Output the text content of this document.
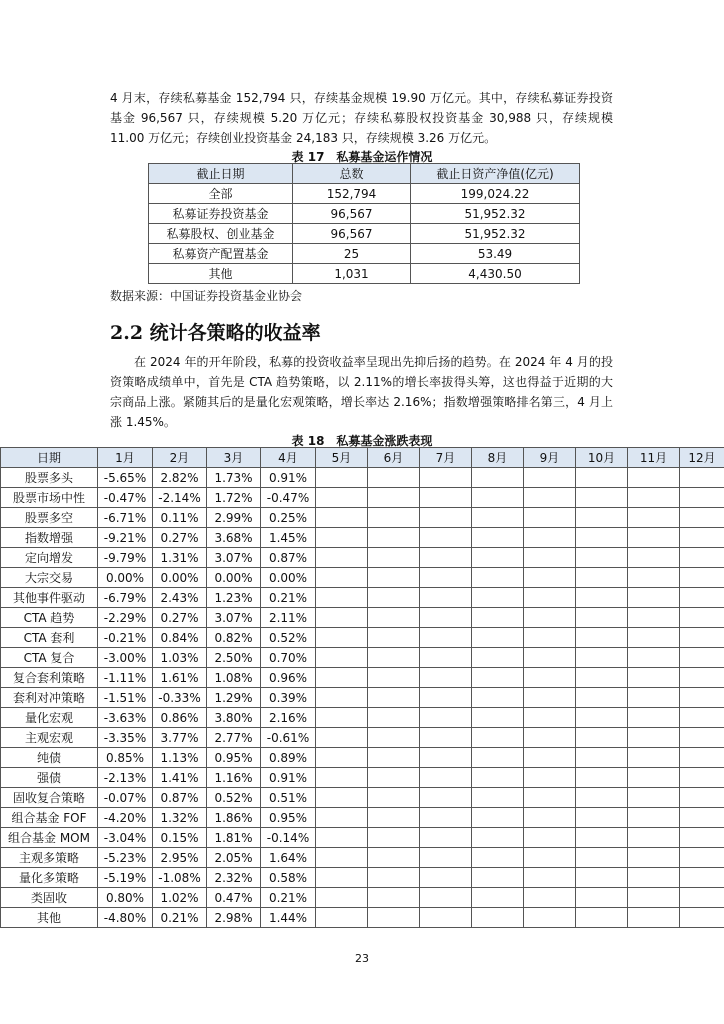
4 月末，存续私募基金 152,794 只，存续基金规模 19.90 万亿元。其中，存续私募证券投资基金 96,567 只，存续规模 5.20 万亿元；存续私募股权投资基金 30,988 只，存续规模 11.00 万亿元；存续创业投资基金 24,183 只，存续规模 3.26 万亿元。

表 17　私募基金运作情况

截止日期	总数	截止日资产净值(亿元)
全部	152,794	199,024.22
私募证券投资基金	96,567	51,952.32
私募股权、创业基金	96,567	51,952.32
私募资产配置基金	25	53.49
其他	1,031	4,430.50

数据来源：中国证券投资基金业协会

2.2 统计各策略的收益率

在 2024 年的开年阶段，私募的投资收益率呈现出先抑后扬的趋势。在 2024 年 4 月的投资策略成绩单中，首先是 CTA 趋势策略，以 2.11%的增长率拔得头筹，这也得益于近期的大宗商品上涨。紧随其后的是量化宏观策略，增长率达 2.16%；指数增强策略排名第三，4 月上涨 1.45%。

表 18　私募基金涨跌表现

日期	1月	2月	3月	4月	5月	6月	7月	8月	9月	10月	11月	12月
股票多头	-5.65%	2.82%	1.73%	0.91%								
股票市场中性	-0.47%	-2.14%	1.72%	-0.47%								
股票多空	-6.71%	0.11%	2.99%	0.25%								
指数增强	-9.21%	0.27%	3.68%	1.45%								
定向增发	-9.79%	1.31%	3.07%	0.87%								
大宗交易	0.00%	0.00%	0.00%	0.00%								
其他事件驱动	-6.79%	2.43%	1.23%	0.21%								
CTA 趋势	-2.29%	0.27%	3.07%	2.11%								
CTA 套利	-0.21%	0.84%	0.82%	0.52%								
CTA 复合	-3.00%	1.03%	2.50%	0.70%								
复合套利策略	-1.11%	1.61%	1.08%	0.96%								
套利对冲策略	-1.51%	-0.33%	1.29%	0.39%								
量化宏观	-3.63%	0.86%	3.80%	2.16%								
主观宏观	-3.35%	3.77%	2.77%	-0.61%								
纯债	0.85%	1.13%	0.95%	0.89%								
强债	-2.13%	1.41%	1.16%	0.91%								
固收复合策略	-0.07%	0.87%	0.52%	0.51%								
组合基金 FOF	-4.20%	1.32%	1.86%	0.95%								
组合基金 MOM	-3.04%	0.15%	1.81%	-0.14%								
主观多策略	-5.23%	2.95%	2.05%	1.64%								
量化多策略	-5.19%	-1.08%	2.32%	0.58%								
类固收	0.80%	1.02%	0.47%	0.21%								
其他	-4.80%	0.21%	2.98%	1.44%								

23
